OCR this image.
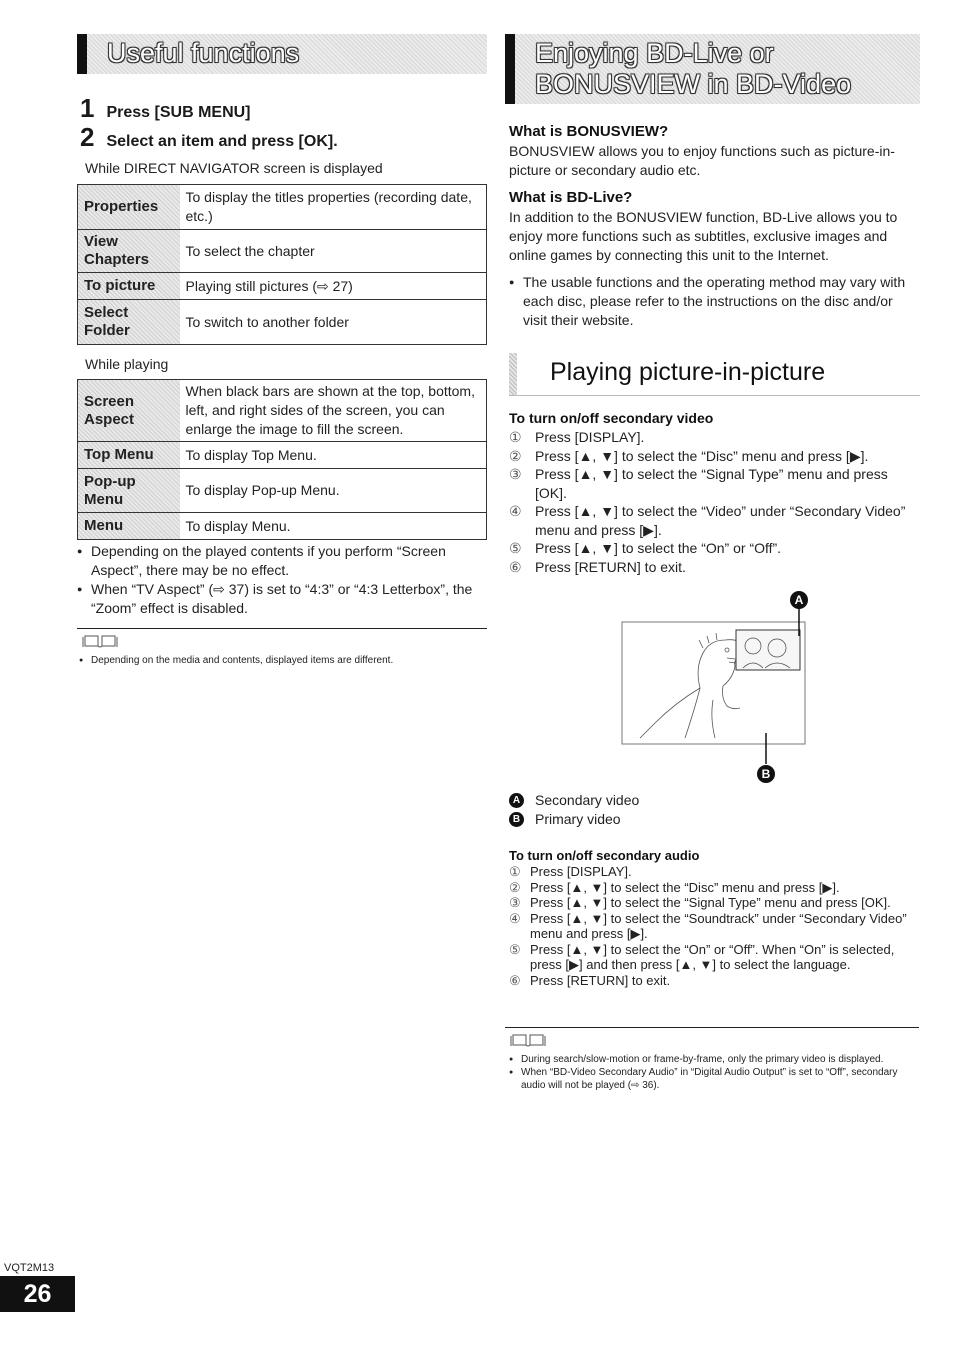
Useful functions
1 Press [SUB MENU]
2 Select an item and press [OK].
While DIRECT NAVIGATOR screen is displayed
Properties	To display the titles properties (recording date, etc.)
View Chapters	To select the chapter
To picture	Playing still pictures (⇨ 27)
Select Folder	To switch to another folder
While playing
Screen Aspect	When black bars are shown at the top, bottom, left, and right sides of the screen, you can enlarge the image to fill the screen.
Top Menu	To display Top Menu.
Pop-up Menu	To display Pop-up Menu.
Menu	To display Menu.
● Depending on the played contents if you perform “Screen Aspect”, there may be no effect.
● When “TV Aspect” (⇨ 37) is set to “4:3” or “4:3 Letterbox”, the “Zoom” effect is disabled.
● Depending on the media and contents, displayed items are different.
Enjoying BD-Live or
BONUSVIEW in BD-Video
What is BONUSVIEW?
BONUSVIEW allows you to enjoy functions such as picture-in-picture or secondary audio etc.
What is BD-Live?
In addition to the BONUSVIEW function, BD-Live allows you to enjoy more functions such as subtitles, exclusive images and online games by connecting this unit to the Internet.
● The usable functions and the operating method may vary with each disc, please refer to the instructions on the disc and/or visit their website.
Playing picture-in-picture
To turn on/off secondary video
① Press [DISPLAY].
② Press [▲, ▼] to select the “Disc” menu and press [▶].
③ Press [▲, ▼] to select the “Signal Type” menu and press [OK].
④ Press [▲, ▼] to select the “Video” under “Secondary Video” menu and press [▶].
⑤ Press [▲, ▼] to select the “On” or “Off”.
⑥ Press [RETURN] to exit.
A
B
A Secondary video
B Primary video
To turn on/off secondary audio
① Press [DISPLAY].
② Press [▲, ▼] to select the “Disc” menu and press [▶].
③ Press [▲, ▼] to select the “Signal Type” menu and press [OK].
④ Press [▲, ▼] to select the “Soundtrack” under “Secondary Video” menu and press [▶].
⑤ Press [▲, ▼] to select the “On” or “Off”. When “On” is selected, press [▶] and then press [▲, ▼] to select the language.
⑥ Press [RETURN] to exit.
● During search/slow-motion or frame-by-frame, only the primary video is displayed.
● When “BD-Video Secondary Audio” in “Digital Audio Output” is set to “Off”, secondary audio will not be played (⇨ 36).
VQT2M13
26
